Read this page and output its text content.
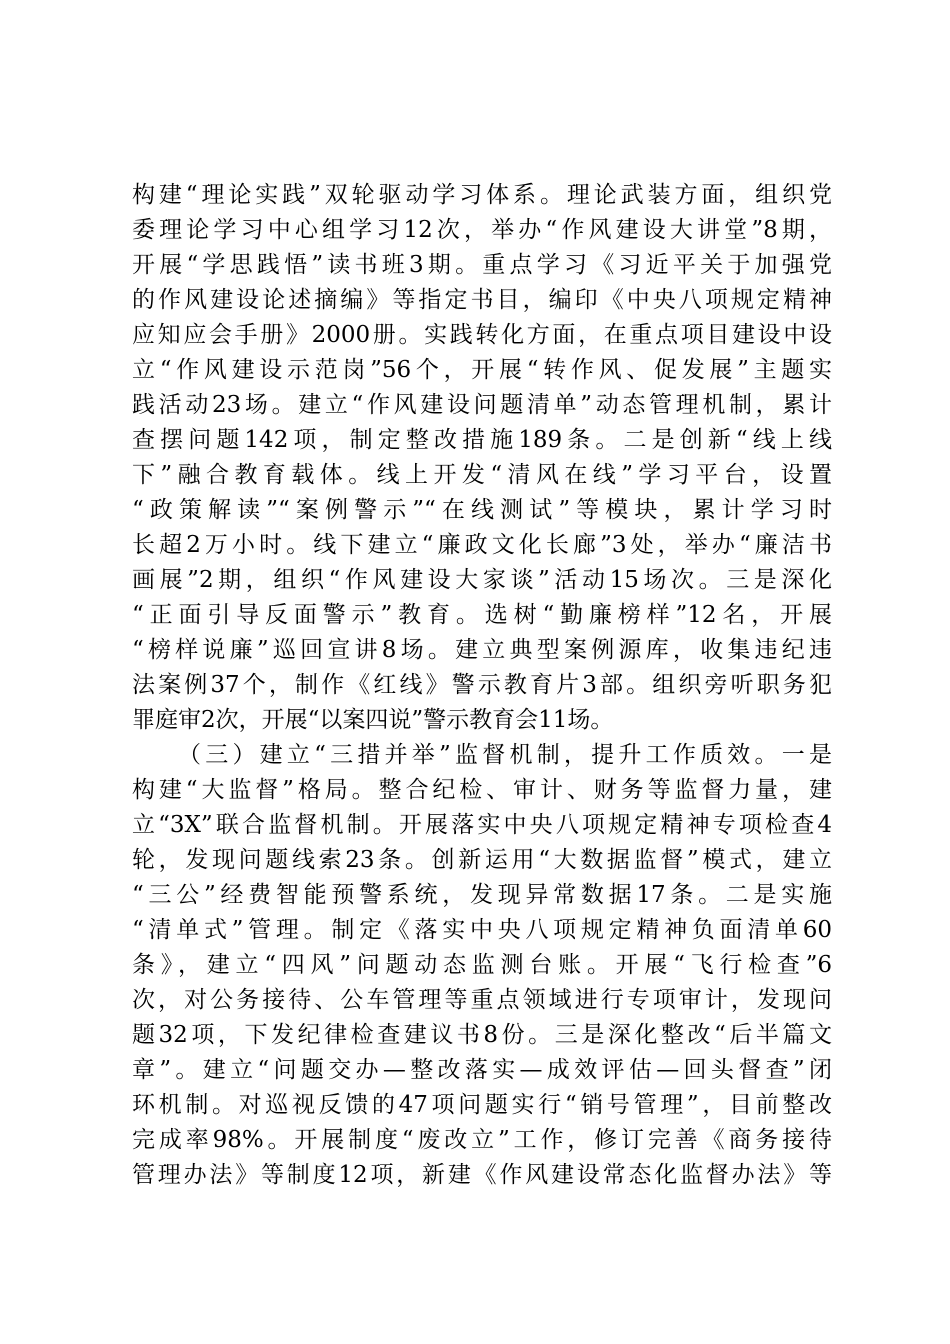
构建“理论实践”双轮驱动学习体系。理论武装方面，组织党
委理论学习中心组学习12次，举办“作风建设大讲堂”8期，
开展“学思践悟”读书班3期。重点学习《习近平关于加强党
的作风建设论述摘编》等指定书目，编印《中央八项规定精神
应知应会手册》2000册。实践转化方面，在重点项目建设中设
立“作风建设示范岗”56个，开展“转作风、促发展”主题实
践活动23场。建立“作风建设问题清单”动态管理机制，累计
查摆问题142项，制定整改措施189条。二是创新“线上线
下”融合教育载体。线上开发“清风在线”学习平台，设置
“政策解读”“案例警示”“在线测试”等模块，累计学习时
长超2万小时。线下建立“廉政文化长廊”3处，举办“廉洁书
画展”2期，组织“作风建设大家谈”活动15场次。三是深化
“正面引导反面警示”教育。选树“勤廉榜样”12名，开展
“榜样说廉”巡回宣讲8场。建立典型案例源库，收集违纪违
法案例37个，制作《红线》警示教育片3部。组织旁听职务犯
罪庭审2次，开展“以案四说”警示教育会11场。
（三）建立“三措并举”监督机制，提升工作质效。一是
构建“大监督”格局。整合纪检、审计、财务等监督力量，建
立“3X”联合监督机制。开展落实中央八项规定精神专项检查4
轮，发现问题线索23条。创新运用“大数据监督”模式，建立
“三公”经费智能预警系统，发现异常数据17条。二是实施
“清单式”管理。制定《落实中央八项规定精神负面清单60
条》，建立“四风”问题动态监测台账。开展“飞行检查”6
次，对公务接待、公车管理等重点领域进行专项审计，发现问
题32项，下发纪律检查建议书8份。三是深化整改“后半篇文
章”。建立“问题交办—整改落实—成效评估—回头督查”闭
环机制。对巡视反馈的47项问题实行“销号管理”，目前整改
完成率98%。开展制度“废改立”工作，修订完善《商务接待
管理办法》等制度12项，新建《作风建设常态化监督办法》等
